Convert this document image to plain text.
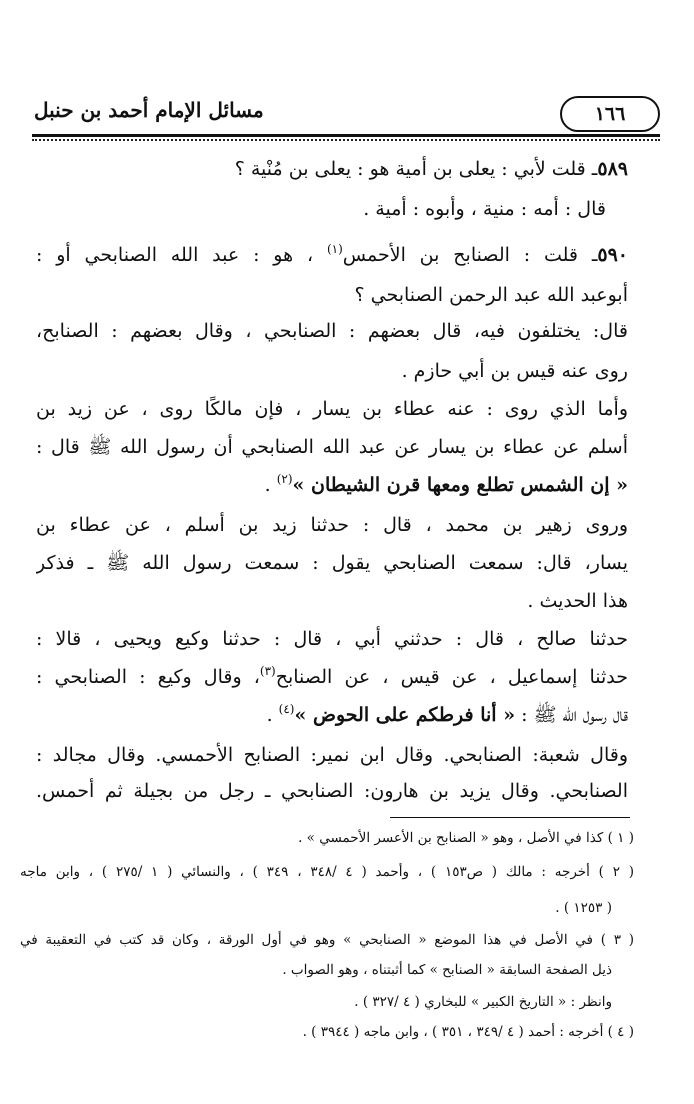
١٦٦
مسائل الإمام أحمد بن حنبل
٥٨٩ـ قلت لأبي : يعلى بن أمية هو : يعلى بن مُنْية ؟
قال : أمه : منية ، وأبوه : أمية .
٥٩٠ـ قلت : الصنابح بن الأحمس$^{(١)}$ ، هو : عبد الله الصنابحي أو :
أبوعبد الله عبد الرحمن الصنابحي ؟
قال: يختلفون فيه، قال بعضهم : الصنابحي ، وقال بعضهم : الصنابح،
روى عنه قيس بن أبي حازم .
وأما الذي روى : عنه عطاء بن يسار ، فإن مالكًا روى ، عن زيد بن
أسلم عن عطاء بن يسار عن عبد الله الصنابحي أن رسول الله ﷺ قال :
« إن الشمس تطلع ومعها قرن الشيطان »$^{(٢)}$ .
وروى زهير بن محمد ، قال : حدثنا زيد بن أسلم ، عن عطاء بن
يسار، قال: سمعت الصنابحي يقول : سمعت رسول الله ﷺ ـ فذكر
هذا الحديث .
حدثنا صالح ، قال : حدثني أبي ، قال : حدثنا وكيع ويحيى ، قالا :
حدثنا إسماعيل ، عن قيس ، عن الصنابح$^{(٣)}$، وقال وكيع : الصنابحي :
قال رسول الله ﷺ : « أنا فرطكم على الحوض »$^{(٤)}$ .
وقال شعبة: الصنابحي. وقال ابن نمير: الصنابح الأحمسي. وقال مجالد :
الصنابحي. وقال يزيد بن هارون: الصنابحي ـ رجل من بجيلة ثم أحمس.
( ١ ) كذا في الأصل ، وهو « الصنابح بن الأعسر الأحمسي » .
( ٢ ) أخرجه : مالك ( ص١٥٣ ) ، وأحمد ( ٤ /٣٤٨ ، ٣٤٩ ) ، والنسائي ( ١ /٢٧٥ ) ، وابن ماجه
( ١٢٥٣ ) .
( ٣ ) في الأصل في هذا الموضع « الصنابحي » وهو في أول الورقة ، وكان قد كتب في التعقيبة في
ذيل الصفحة السابقة « الصنابح » كما أثبتناه ، وهو الصواب .
وانظر : « التاريخ الكبير » للبخاري ( ٤ /٣٢٧ ) .
( ٤ ) أخرجه : أحمد ( ٤ /٣٤٩ ، ٣٥١ ) ، وابن ماجه ( ٣٩٤٤ ) .
